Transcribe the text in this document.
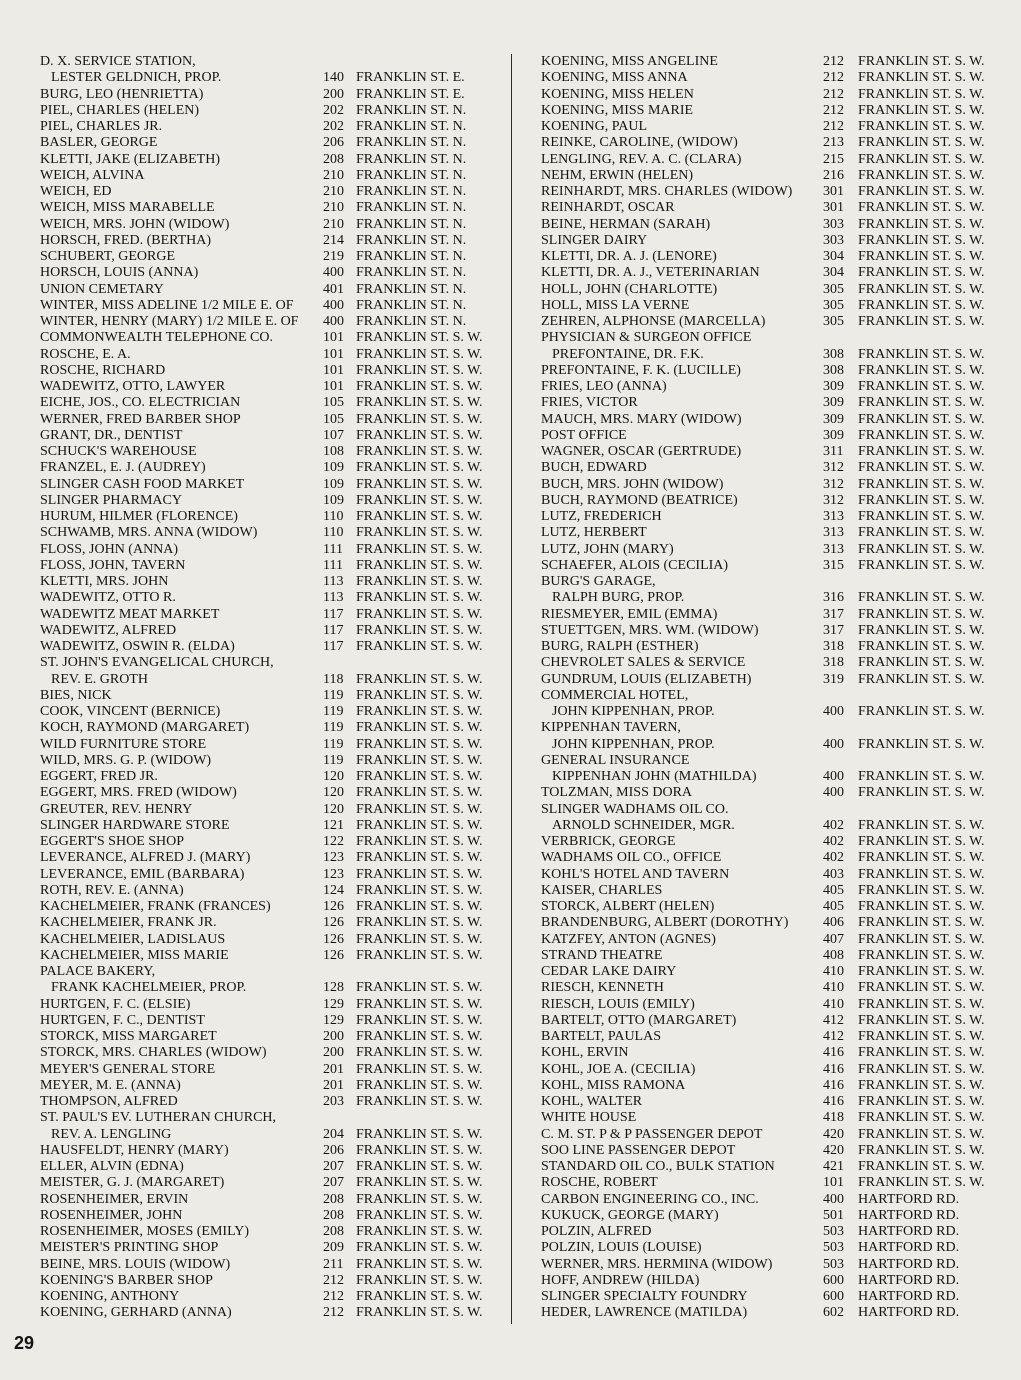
D. X. SERVICE STATION,
LESTER GELDNICH, PROP.	140 FRANKLIN ST. E.
BURG, LEO (HENRIETTA)	200 FRANKLIN ST. E.
PIEL, CHARLES (HELEN)	202 FRANKLIN ST. N.
PIEL, CHARLES JR.	202 FRANKLIN ST. N.
BASLER, GEORGE	206 FRANKLIN ST. N.
KLETTI, JAKE (ELIZABETH)	208 FRANKLIN ST. N.
WEICH, ALVINA	210 FRANKLIN ST. N.
WEICH, ED	210 FRANKLIN ST. N.
WEICH, MISS MARABELLE	210 FRANKLIN ST. N.
WEICH, MRS. JOHN (WIDOW)	210 FRANKLIN ST. N.
HORSCH, FRED. (BERTHA)	214 FRANKLIN ST. N.
SCHUBERT, GEORGE	219 FRANKLIN ST. N.
HORSCH, LOUIS (ANNA)	400 FRANKLIN ST. N.
UNION CEMETARY	401 FRANKLIN ST. N.
WINTER, MISS ADELINE 1/2 MILE E. OF 400 FRANKLIN ST. N.
WINTER, HENRY (MARY) 1/2 MILE E. OF 400 FRANKLIN ST. N.
COMMONWEALTH TELEPHONE CO.	101 FRANKLIN ST. S. W.
ROSCHE, E. A.	101 FRANKLIN ST. S. W.
ROSCHE, RICHARD	101 FRANKLIN ST. S. W.
WADEWITZ, OTTO, LAWYER	101 FRANKLIN ST. S. W.
EICHE, JOS., CO. ELECTRICIAN	105 FRANKLIN ST. S. W.
WERNER, FRED BARBER SHOP	105 FRANKLIN ST. S. W.
GRANT, DR., DENTIST	107 FRANKLIN ST. S. W.
SCHUCK'S WAREHOUSE	108 FRANKLIN ST. S. W.
FRANZEL, E. J. (AUDREY)	109 FRANKLIN ST. S. W.
SLINGER CASH FOOD MARKET	109 FRANKLIN ST. S. W.
SLINGER PHARMACY	109 FRANKLIN ST. S. W.
HURUM, HILMER (FLORENCE)	110 FRANKLIN ST. S. W.
SCHWAMB, MRS. ANNA (WIDOW)	110 FRANKLIN ST. S. W.
FLOSS, JOHN (ANNA)	111 FRANKLIN ST. S. W.
FLOSS, JOHN, TAVERN	111 FRANKLIN ST. S. W.
KLETTI, MRS. JOHN	113 FRANKLIN ST. S. W.
WADEWITZ, OTTO R.	113 FRANKLIN ST. S. W.
WADEWITZ MEAT MARKET	117 FRANKLIN ST. S. W.
WADEWITZ, ALFRED	117 FRANKLIN ST. S. W.
WADEWITZ, OSWIN R. (ELDA)	117 FRANKLIN ST. S. W.
ST. JOHN'S EVANGELICAL CHURCH,
REV. E. GROTH	118 FRANKLIN ST. S. W.
BIES, NICK	119 FRANKLIN ST. S. W.
COOK, VINCENT (BERNICE)	119 FRANKLIN ST. S. W.
KOCH, RAYMOND (MARGARET)	119 FRANKLIN ST. S. W.
WILD FURNITURE STORE	119 FRANKLIN ST. S. W.
WILD, MRS. G. P. (WIDOW)	119 FRANKLIN ST. S. W.
EGGERT, FRED JR.	120 FRANKLIN ST. S. W.
EGGERT, MRS. FRED (WIDOW)	120 FRANKLIN ST. S. W.
GREUTER, REV. HENRY	120 FRANKLIN ST. S. W.
SLINGER HARDWARE STORE	121 FRANKLIN ST. S. W.
EGGERT'S SHOE SHOP	122 FRANKLIN ST. S. W.
LEVERANCE, ALFRED J. (MARY)	123 FRANKLIN ST. S. W.
LEVERANCE, EMIL (BARBARA)	123 FRANKLIN ST. S. W.
ROTH, REV. E. (ANNA)	124 FRANKLIN ST. S. W.
KACHELMEIER, FRANK (FRANCES)	126 FRANKLIN ST. S. W.
KACHELMEIER, FRANK JR.	126 FRANKLIN ST. S. W.
KACHELMEIER, LADISLAUS	126 FRANKLIN ST. S. W.
KACHELMEIER, MISS MARIE	126 FRANKLIN ST. S. W.
PALACE BAKERY,
FRANK KACHELMEIER, PROP.	128 FRANKLIN ST. S. W.
HURTGEN, F. C. (ELSIE)	129 FRANKLIN ST. S. W.
HURTGEN, F. C., DENTIST	129 FRANKLIN ST. S. W.
STORCK, MISS MARGARET	200 FRANKLIN ST. S. W.
STORCK, MRS. CHARLES (WIDOW)	200 FRANKLIN ST. S. W.
MEYER'S GENERAL STORE	201 FRANKLIN ST. S. W.
MEYER, M. E. (ANNA)	201 FRANKLIN ST. S. W.
THOMPSON, ALFRED	203 FRANKLIN ST. S. W.
ST. PAUL'S EV. LUTHERAN CHURCH,
REV. A. LENGLING	204 FRANKLIN ST. S. W.
HAUSFELDT, HENRY (MARY)	206 FRANKLIN ST. S. W.
ELLER, ALVIN (EDNA)	207 FRANKLIN ST. S. W.
MEISTER, G. J. (MARGARET)	207 FRANKLIN ST. S. W.
ROSENHEIMER, ERVIN	208 FRANKLIN ST. S. W.
ROSENHEIMER, JOHN	208 FRANKLIN ST. S. W.
ROSENHEIMER, MOSES (EMILY)	208 FRANKLIN ST. S. W.
MEISTER'S PRINTING SHOP	209 FRANKLIN ST. S. W.
BEINE, MRS. LOUIS (WIDOW)	211 FRANKLIN ST. S. W.
KOENING'S BARBER SHOP	212 FRANKLIN ST. S. W.
KOENING, ANTHONY	212 FRANKLIN ST. S. W.
KOENING, GERHARD (ANNA)	212 FRANKLIN ST. S. W.
KOENING, MISS ANGELINE	212 FRANKLIN ST. S. W.
KOENING, MISS ANNA	212 FRANKLIN ST. S. W.
KOENING, MISS HELEN	212 FRANKLIN ST. S. W.
KOENING, MISS MARIE	212 FRANKLIN ST. S. W.
KOENING, PAUL	212 FRANKLIN ST. S. W.
REINKE, CAROLINE, (WIDOW)	213 FRANKLIN ST. S. W.
LENGLING, REV. A. C. (CLARA)	215 FRANKLIN ST. S. W.
NEHM, ERWIN (HELEN)	216 FRANKLIN ST. S. W.
REINHARDT, MRS. CHARLES (WIDOW) 301 FRANKLIN ST. S. W.
REINHARDT, OSCAR	301 FRANKLIN ST. S. W.
BEINE, HERMAN (SARAH)	303 FRANKLIN ST. S. W.
SLINGER DAIRY	303 FRANKLIN ST. S. W.
KLETTI, DR. A. J. (LENORE)	304 FRANKLIN ST. S. W.
KLETTI, DR. A. J., VETERINARIAN	304 FRANKLIN ST. S. W.
HOLL, JOHN (CHARLOTTE)	305 FRANKLIN ST. S. W.
HOLL, MISS LA VERNE	305 FRANKLIN ST. S. W.
ZEHREN, ALPHONSE (MARCELLA)	305 FRANKLIN ST. S. W.
PHYSICIAN & SURGEON OFFICE
PREFONTAINE, DR. F.K.	308 FRANKLIN ST. S. W.
PREFONTAINE, F. K. (LUCILLE)	308 FRANKLIN ST. S. W.
FRIES, LEO (ANNA)	309 FRANKLIN ST. S. W.
FRIES, VICTOR	309 FRANKLIN ST. S. W.
MAUCH, MRS. MARY (WIDOW)	309 FRANKLIN ST. S. W.
POST OFFICE	309 FRANKLIN ST. S. W.
WAGNER, OSCAR (GERTRUDE)	311 FRANKLIN ST. S. W.
BUCH, EDWARD	312 FRANKLIN ST. S. W.
BUCH, MRS. JOHN (WIDOW)	312 FRANKLIN ST. S. W.
BUCH, RAYMOND (BEATRICE)	312 FRANKLIN ST. S. W.
LUTZ, FREDERICH	313 FRANKLIN ST. S. W.
LUTZ, HERBERT	313 FRANKLIN ST. S. W.
LUTZ, JOHN (MARY)	313 FRANKLIN ST. S. W.
SCHAEFER, ALOIS (CECILIA)	315 FRANKLIN ST. S. W.
BURG'S GARAGE,
RALPH BURG, PROP.	316 FRANKLIN ST. S. W.
RIESMEYER, EMIL (EMMA)	317 FRANKLIN ST. S. W.
STUETTGEN, MRS. WM. (WIDOW)	317 FRANKLIN ST. S. W.
BURG, RALPH (ESTHER)	318 FRANKLIN ST. S. W.
CHEVROLET SALES & SERVICE	318 FRANKLIN ST. S. W.
GUNDRUM, LOUIS (ELIZABETH)	319 FRANKLIN ST. S. W.
COMMERCIAL HOTEL,
JOHN KIPPENHAN, PROP.	400 FRANKLIN ST. S. W.
KIPPENHAN TAVERN,
JOHN KIPPENHAN, PROP.	400 FRANKLIN ST. S. W.
GENERAL INSURANCE
KIPPENHAN JOHN (MATHILDA)	400 FRANKLIN ST. S. W.
TOLZMAN, MISS DORA	400 FRANKLIN ST. S. W.
SLINGER WADHAMS OIL CO.
ARNOLD SCHNEIDER, MGR.	402 FRANKLIN ST. S. W.
VERBRICK, GEORGE	402 FRANKLIN ST. S. W.
WADHAMS OIL CO., OFFICE	402 FRANKLIN ST. S. W.
KOHL'S HOTEL AND TAVERN	403 FRANKLIN ST. S. W.
KAISER, CHARLES	405 FRANKLIN ST. S. W.
STORCK, ALBERT (HELEN)	405 FRANKLIN ST. S. W.
BRANDENBURG, ALBERT (DOROTHY) 406 FRANKLIN ST. S. W.
KATZFEY, ANTON (AGNES)	407 FRANKLIN ST. S. W.
STRAND THEATRE	408 FRANKLIN ST. S. W.
CEDAR LAKE DAIRY	410 FRANKLIN ST. S. W.
RIESCH, KENNETH	410 FRANKLIN ST. S. W.
RIESCH, LOUIS (EMILY)	410 FRANKLIN ST. S. W.
BARTELT, OTTO (MARGARET)	412 FRANKLIN ST. S. W.
BARTELT, PAULAS	412 FRANKLIN ST. S. W.
KOHL, ERVIN	416 FRANKLIN ST. S. W.
KOHL, JOE A. (CECILIA)	416 FRANKLIN ST. S. W.
KOHL, MISS RAMONA	416 FRANKLIN ST. S. W.
KOHL, WALTER	416 FRANKLIN ST. S. W.
WHITE HOUSE	418 FRANKLIN ST. S. W.
C. M. ST. P & P PASSENGER DEPOT	420 FRANKLIN ST. S. W.
SOO LINE PASSENGER DEPOT	420 FRANKLIN ST. S. W.
STANDARD OIL CO., BULK STATION	421 FRANKLIN ST. S. W.
ROSCHE, ROBERT	101 FRANKLIN ST. S. W.
CARBON ENGINEERING CO., INC.	400 HARTFORD RD.
KUKUCK, GEORGE (MARY)	501 HARTFORD RD.
POLZIN, ALFRED	503 HARTFORD RD.
POLZIN, LOUIS (LOUISE)	503 HARTFORD RD.
WERNER, MRS. HERMINA (WIDOW)	503 HARTFORD RD.
HOFF, ANDREW (HILDA)	600 HARTFORD RD.
SLINGER SPECIALTY FOUNDRY	600 HARTFORD RD.
HEDER, LAWRENCE (MATILDA)	602 HARTFORD RD.
29
